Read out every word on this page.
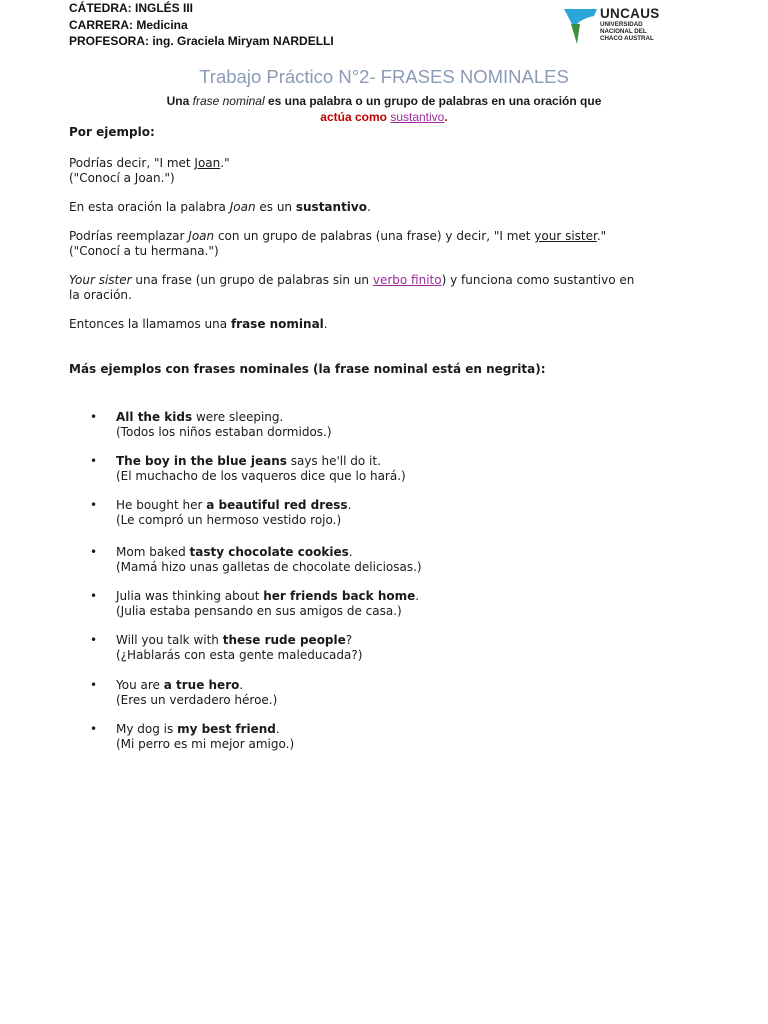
CÁTEDRA: INGLÉS III
CARRERA: Medicina
PROFESORA: ing. Graciela Miryam NARDELLI
UNCAUS
UNIVERSIDAD
NACIONAL DEL
CHACO AUSTRAL
Trabajo Práctico N°2- FRASES NOMINALES
Una frase nominal es una palabra o un grupo de palabras en una oración que
actúa como sustantivo.
Por ejemplo:
Podrías decir, "I met Joan."
("Conocí a Joan.")
En esta oración la palabra Joan es un sustantivo.
Podrías reemplazar Joan con un grupo de palabras (una frase) y decir, "I met your sister."
("Conocí a tu hermana.")
Your sister una frase (un grupo de palabras sin un verbo finito) y funciona como sustantivo en
la oración.
Entonces la llamamos una frase nominal.
Más ejemplos con frases nominales (la frase nominal está en negrita):
• All the kids were sleeping.
(Todos los niños estaban dormidos.)
• The boy in the blue jeans says he'll do it.
(El muchacho de los vaqueros dice que lo hará.)
• He bought her a beautiful red dress.
(Le compró un hermoso vestido rojo.)
• Mom baked tasty chocolate cookies.
(Mamá hizo unas galletas de chocolate deliciosas.)
• Julia was thinking about her friends back home.
(Julia estaba pensando en sus amigos de casa.)
• Will you talk with these rude people?
(¿Hablarás con esta gente maleducada?)
• You are a true hero.
(Eres un verdadero héroe.)
• My dog is my best friend.
(Mi perro es mi mejor amigo.)
